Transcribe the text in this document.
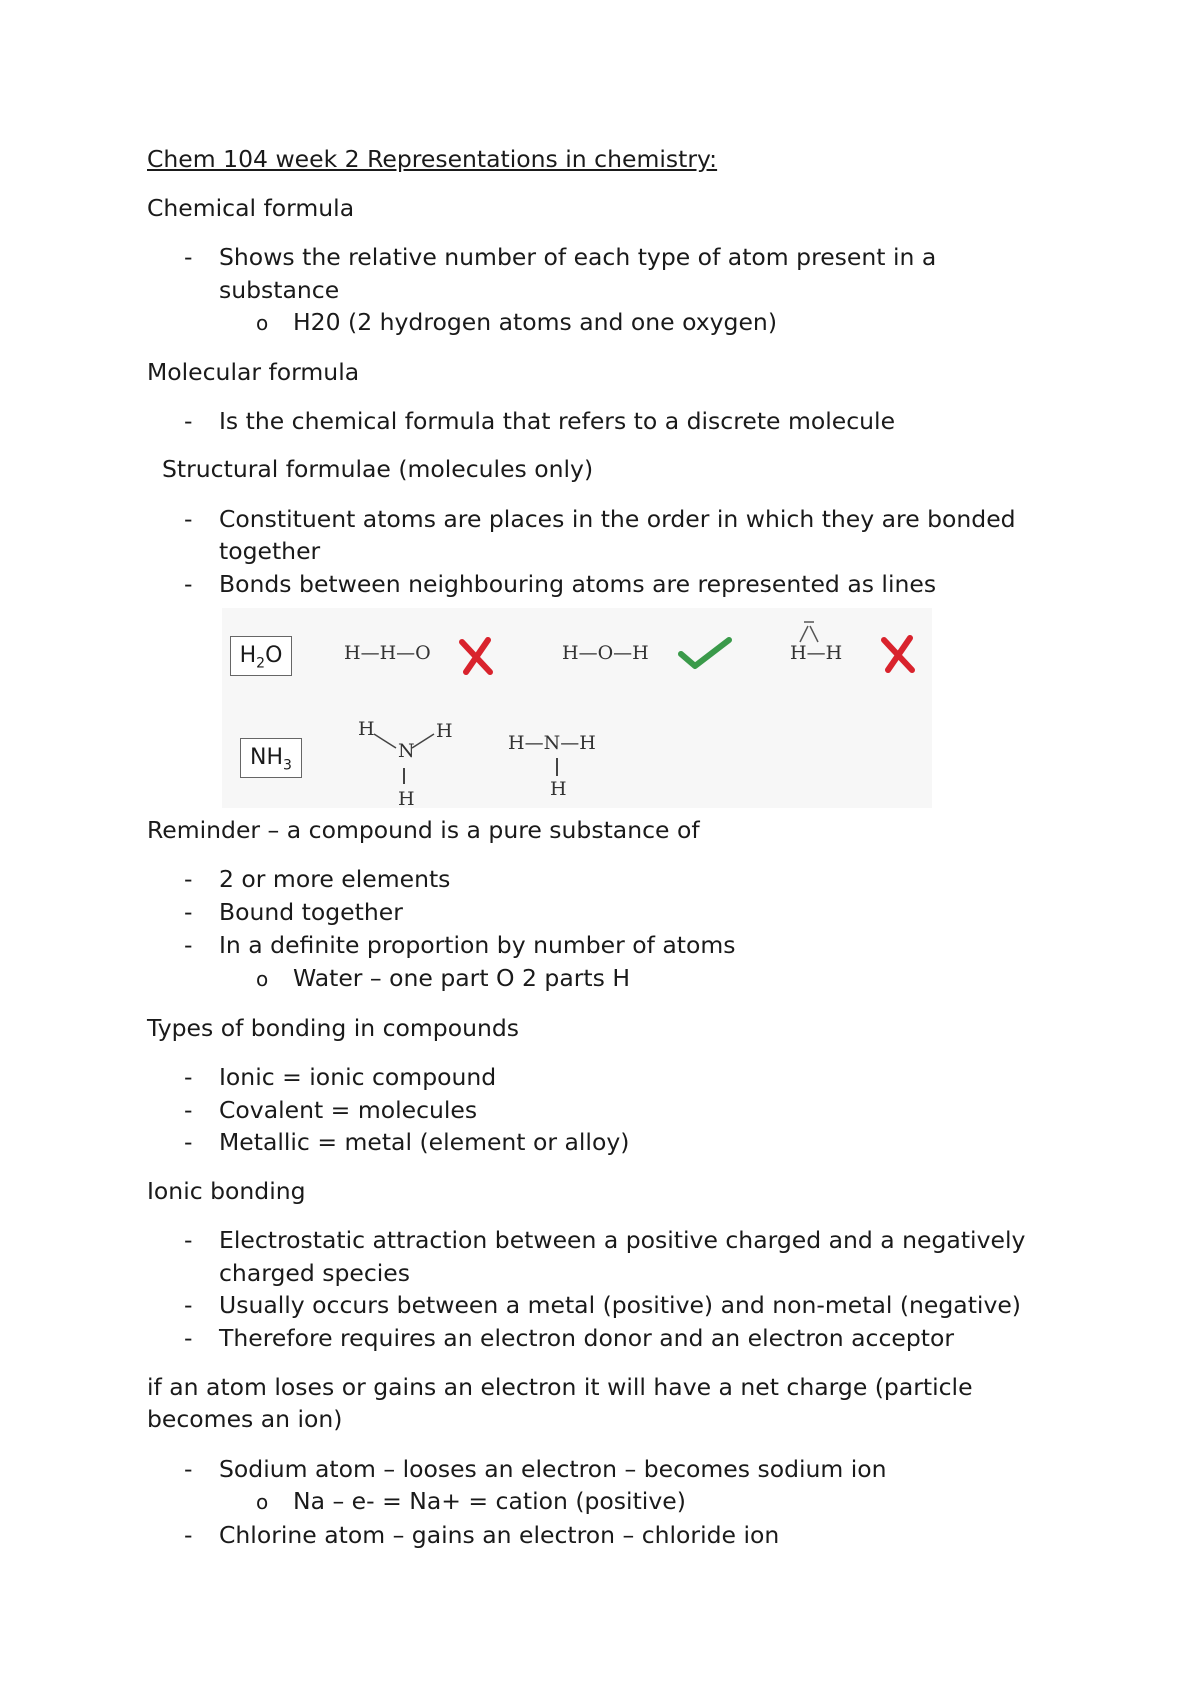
Chem 104 week 2 Representations in chemistry:
Chemical formula
- Shows the relative number of each type of atom present in a
substance
o H20 (2 hydrogen atoms and one oxygen)
Molecular formula
- Is the chemical formula that refers to a discrete molecule
Structural formulae (molecules only)
- Constituent atoms are places in the order in which they are bonded
together
- Bonds between neighbouring atoms are represented as lines
$H_2O$	H—H—O	H—O—H	H—H
$NH_3$
H	H
N
H
H—N—H
H
Reminder – a compound is a pure substance of
- 2 or more elements
- Bound together
- In a definite proportion by number of atoms
o Water – one part O 2 parts H
Types of bonding in compounds
- Ionic = ionic compound
- Covalent = molecules
- Metallic = metal (element or alloy)
Ionic bonding
- Electrostatic attraction between a positive charged and a negatively
charged species
- Usually occurs between a metal (positive) and non-metal (negative)
- Therefore requires an electron donor and an electron acceptor
if an atom loses or gains an electron it will have a net charge (particle
becomes an ion)
- Sodium atom – looses an electron – becomes sodium ion
o Na – e- = Na+ = cation (positive)
- Chlorine atom – gains an electron – chloride ion
